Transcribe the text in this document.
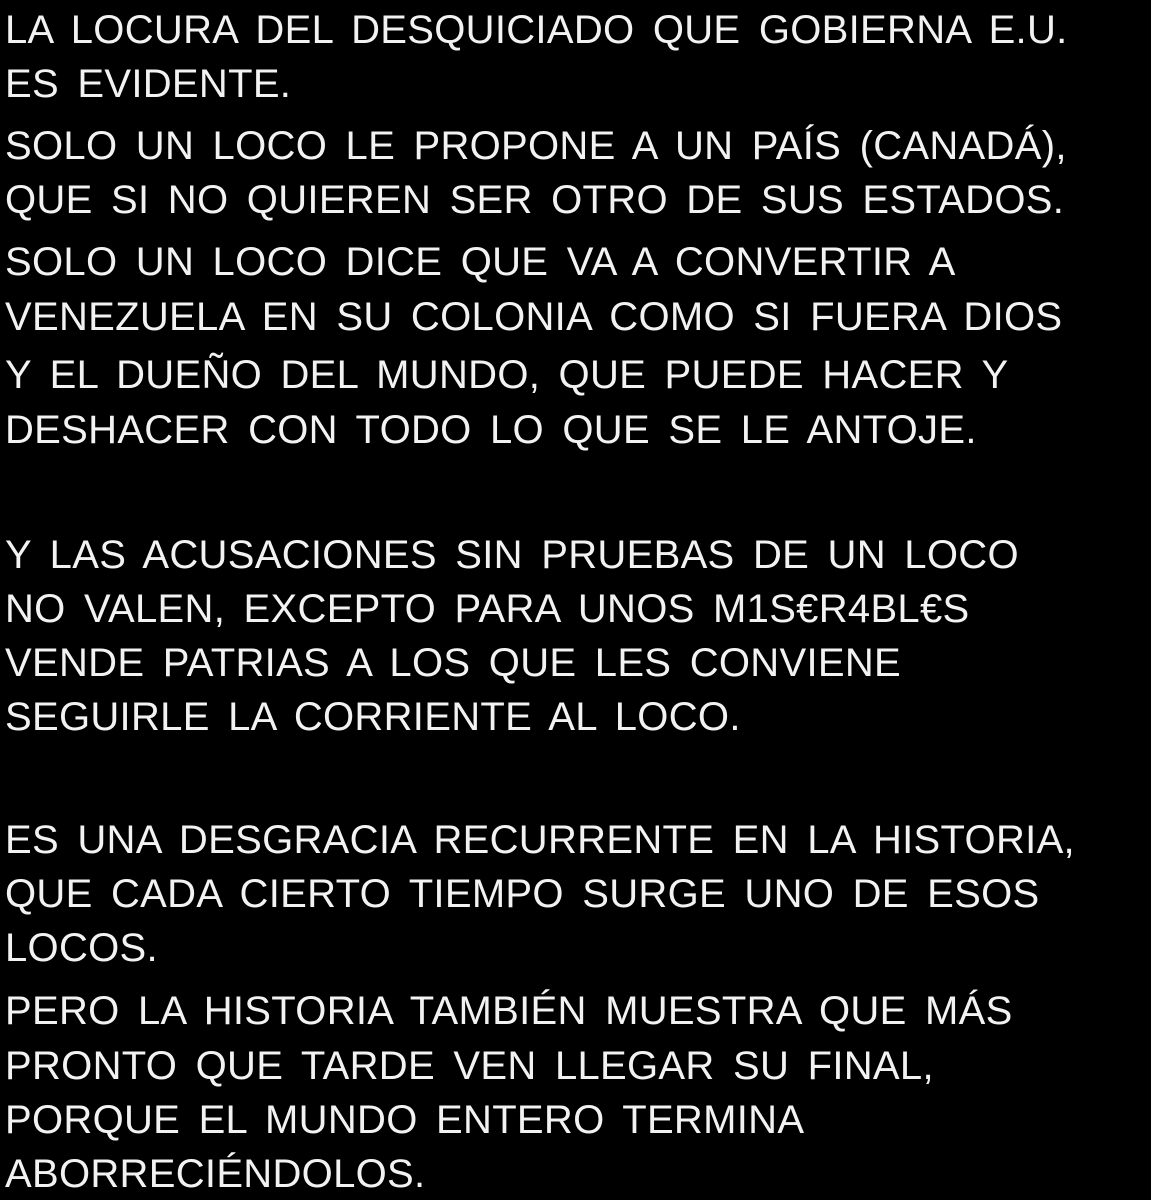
LA LOCURA DEL DESQUICIADO QUE GOBIERNA E.U.

ES EVIDENTE.

SOLO UN LOCO LE PROPONE A UN PAÍS (CANADÁ),

QUE SI NO QUIEREN SER OTRO DE SUS ESTADOS.

SOLO UN LOCO DICE QUE VA A CONVERTIR A

VENEZUELA EN SU COLONIA COMO SI FUERA DIOS

Y EL DUEÑO DEL MUNDO, QUE PUEDE HACER Y

DESHACER CON TODO LO QUE SE LE ANTOJE.

Y LAS ACUSACIONES SIN PRUEBAS DE UN LOCO

NO VALEN, EXCEPTO PARA UNOS M1S€R4BL€S

VENDE PATRIAS A LOS QUE LES CONVIENE

SEGUIRLE LA CORRIENTE AL LOCO.

ES UNA DESGRACIA RECURRENTE EN LA HISTORIA,

QUE CADA CIERTO TIEMPO SURGE UNO DE ESOS

LOCOS.

PERO LA HISTORIA TAMBIÉN MUESTRA QUE MÁS

PRONTO QUE TARDE VEN LLEGAR SU FINAL,

PORQUE EL MUNDO ENTERO TERMINA

ABORRECIÉNDOLOS.
